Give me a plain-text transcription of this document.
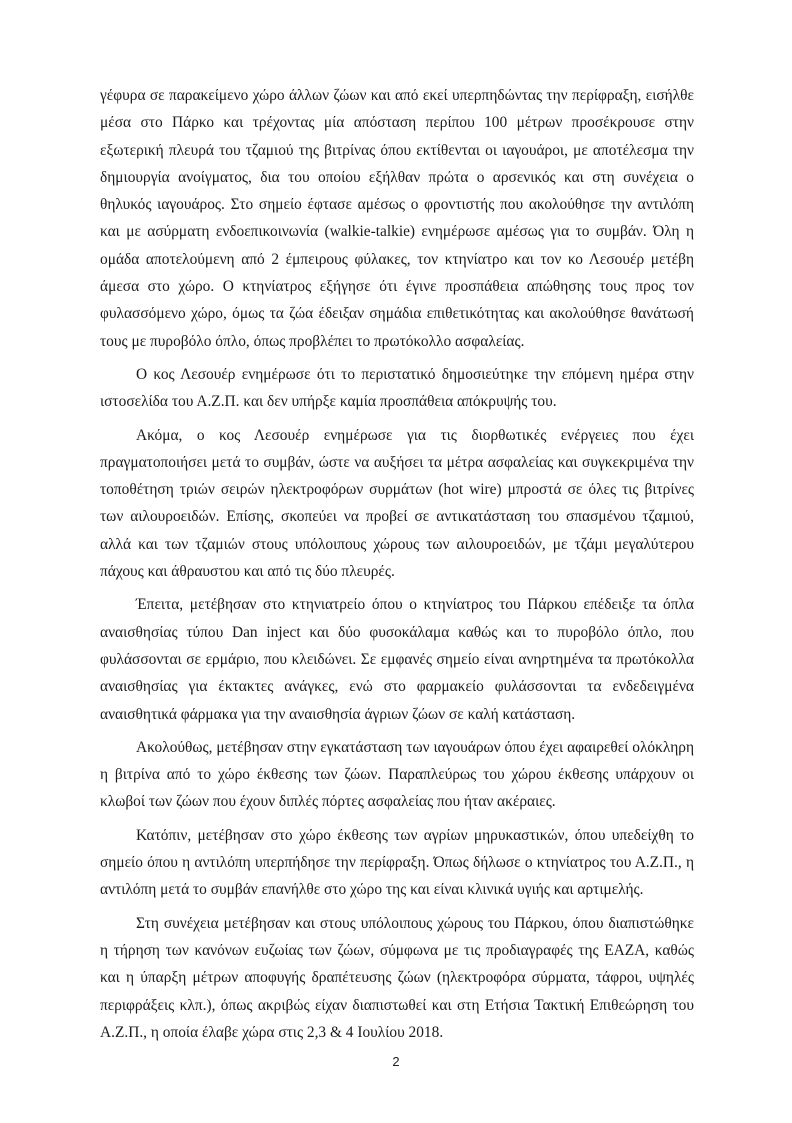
γέφυρα σε παρακείμενο χώρο άλλων ζώων και από εκεί υπερπηδώντας την περίφραξη, εισήλθε μέσα στο Πάρκο και τρέχοντας μία απόσταση περίπου 100 μέτρων προσέκρουσε στην εξωτερική πλευρά του τζαμιού της βιτρίνας όπου εκτίθενται οι ιαγουάροι, με αποτέλεσμα την δημιουργία ανοίγματος, δια του οποίου εξήλθαν πρώτα ο αρσενικός και στη συνέχεια ο θηλυκός ιαγουάρος. Στο σημείο έφτασε αμέσως ο φροντιστής που ακολούθησε την αντιλόπη και με ασύρματη ενδοεπικοινωνία (walkie-talkie) ενημέρωσε αμέσως για το συμβάν. Όλη η ομάδα αποτελούμενη από 2 έμπειρους φύλακες, τον κτηνίατρο και τον κο Λεσουέρ μετέβη άμεσα στο χώρο. Ο κτηνίατρος εξήγησε ότι έγινε προσπάθεια απώθησης τους προς τον φυλασσόμενο χώρο, όμως τα ζώα έδειξαν σημάδια επιθετικότητας και ακολούθησε θανάτωσή τους με πυροβόλο όπλο, όπως προβλέπει το πρωτόκολλο ασφαλείας.

Ο κος Λεσουέρ ενημέρωσε ότι το περιστατικό δημοσιεύτηκε την επόμενη ημέρα στην ιστοσελίδα του Α.Ζ.Π. και δεν υπήρξε καμία προσπάθεια απόκρυψής του.

Ακόμα, ο κος Λεσουέρ ενημέρωσε για τις διορθωτικές ενέργειες που έχει πραγματοποιήσει μετά το συμβάν, ώστε να αυξήσει τα μέτρα ασφαλείας και συγκεκριμένα την τοποθέτηση τριών σειρών ηλεκτροφόρων συρμάτων (hot wire) μπροστά σε όλες τις βιτρίνες των αιλουροειδών. Επίσης, σκοπεύει να προβεί σε αντικατάσταση του σπασμένου τζαμιού, αλλά και των τζαμιών στους υπόλοιπους χώρους των αιλουροειδών, με τζάμι μεγαλύτερου πάχους και άθραυστου και από τις δύο πλευρές.

Έπειτα, μετέβησαν στο κτηνιατρείο όπου ο κτηνίατρος του Πάρκου επέδειξε τα όπλα αναισθησίας τύπου Dan inject και δύο φυσοκάλαμα καθώς και το πυροβόλο όπλο, που φυλάσσονται σε ερμάριο, που κλειδώνει. Σε εμφανές σημείο είναι ανηρτημένα τα πρωτόκολλα αναισθησίας για έκτακτες ανάγκες, ενώ στο φαρμακείο φυλάσσονται τα ενδεδειγμένα αναισθητικά φάρμακα για την αναισθησία άγριων ζώων σε καλή κατάσταση.

Ακολούθως, μετέβησαν στην εγκατάσταση των ιαγουάρων όπου έχει αφαιρεθεί ολόκληρη η βιτρίνα από το χώρο έκθεσης των ζώων. Παραπλεύρως του χώρου έκθεσης υπάρχουν οι κλωβοί των ζώων που έχουν διπλές πόρτες ασφαλείας που ήταν ακέραιες.

Κατόπιν, μετέβησαν στο χώρο έκθεσης των αγρίων μηρυκαστικών, όπου υπεδείχθη το σημείο όπου η αντιλόπη υπερπήδησε την περίφραξη. Όπως δήλωσε ο κτηνίατρος του Α.Ζ.Π., η αντιλόπη μετά το συμβάν επανήλθε στο χώρο της και είναι κλινικά υγιής και αρτιμελής.

Στη συνέχεια μετέβησαν και στους υπόλοιπους χώρους του Πάρκου, όπου διαπιστώθηκε η τήρηση των κανόνων ευζωίας των ζώων, σύμφωνα με τις προδιαγραφές της ΕΑΖΑ, καθώς και η ύπαρξη μέτρων αποφυγής δραπέτευσης ζώων (ηλεκτροφόρα σύρματα, τάφροι, υψηλές περιφράξεις κλπ.), όπως ακριβώς είχαν διαπιστωθεί και στη Ετήσια Τακτική Επιθεώρηση του Α.Ζ.Π., η οποία έλαβε χώρα στις 2,3 & 4 Ιουλίου 2018.

2
